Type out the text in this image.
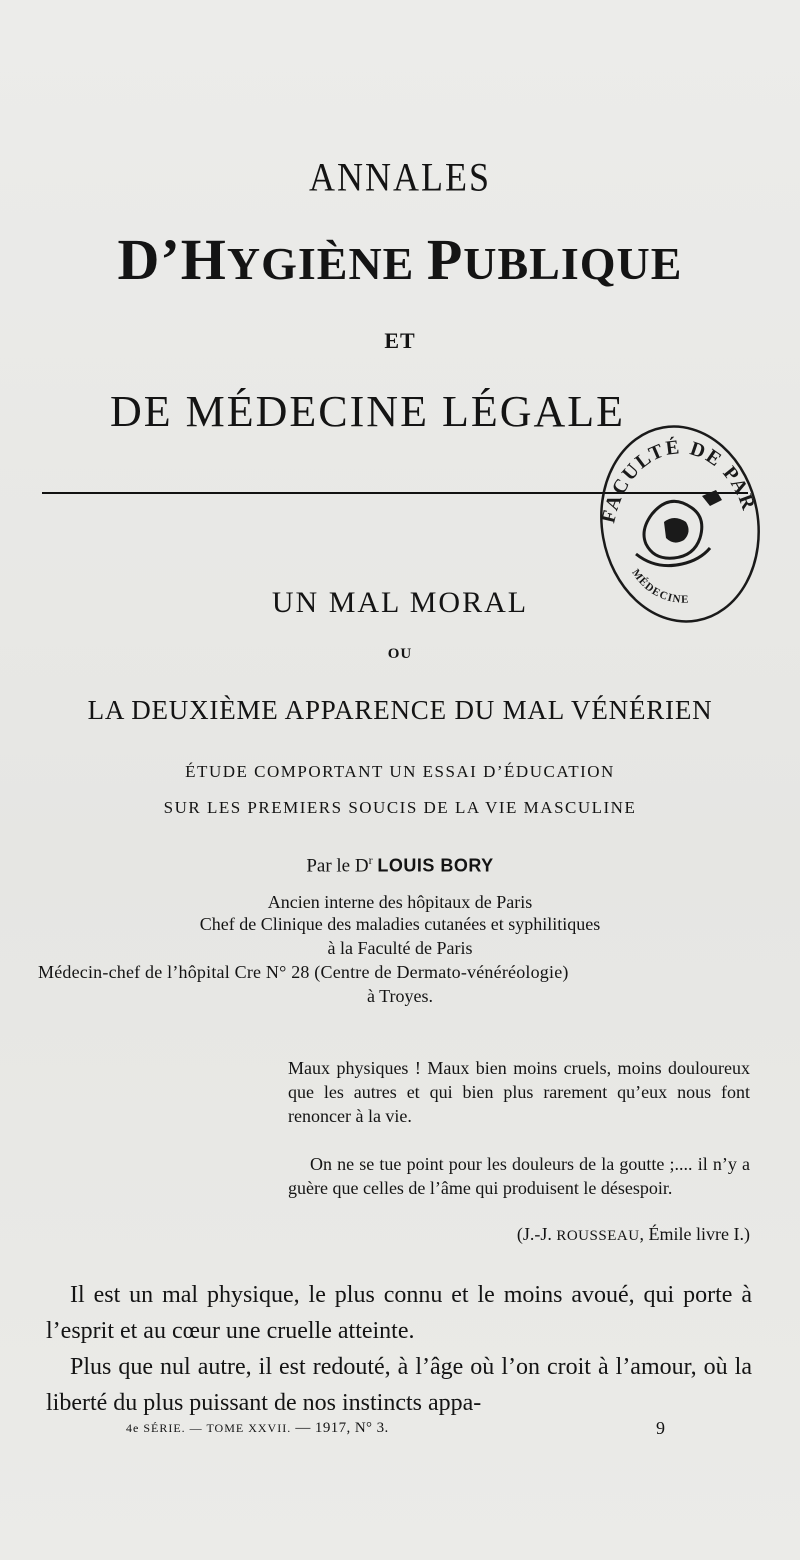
ANNALES
D’HYGIÈNE PUBLIQUE
ET
DE MÉDECINE LÉGALE
FACULTÉ DE PAR
MÉDECINE
UN MAL MORAL
OU
LA DEUXIÈME APPARENCE DU MAL VÉNÉRIEN
ÉTUDE COMPORTANT UN ESSAI D’ÉDUCATION
SUR LES PREMIERS SOUCIS DE LA VIE MASCULINE
Par le $D^r$ LOUIS BORY
Ancien interne des hôpitaux de Paris
Chef de Clinique des maladies cutanées et syphilitiques
à la Faculté de Paris
Médecin-chef de l’hôpital Cre N° 28 (Centre de Dermato-vénéréologie)
à Troyes.

Maux physiques ! Maux bien moins cruels, moins douloureux que les autres et qui bien plus rarement qu’eux nous font renoncer à la vie.

On ne se tue point pour les douleurs de la goutte ;.... il n’y a guère que celles de l’âme qui produisent le désespoir.

(J.-J. ROUSSEAU, Émile livre I.)

Il est un mal physique, le plus connu et le moins avoué, qui porte à l’esprit et au cœur une cruelle atteinte.

Plus que nul autre, il est redouté, à l’âge où l’on croit à l’amour, où la liberté du plus puissant de nos instincts appa-

4e SÉRIE. — TOME XXVII. — 1917, N° 3.	9
